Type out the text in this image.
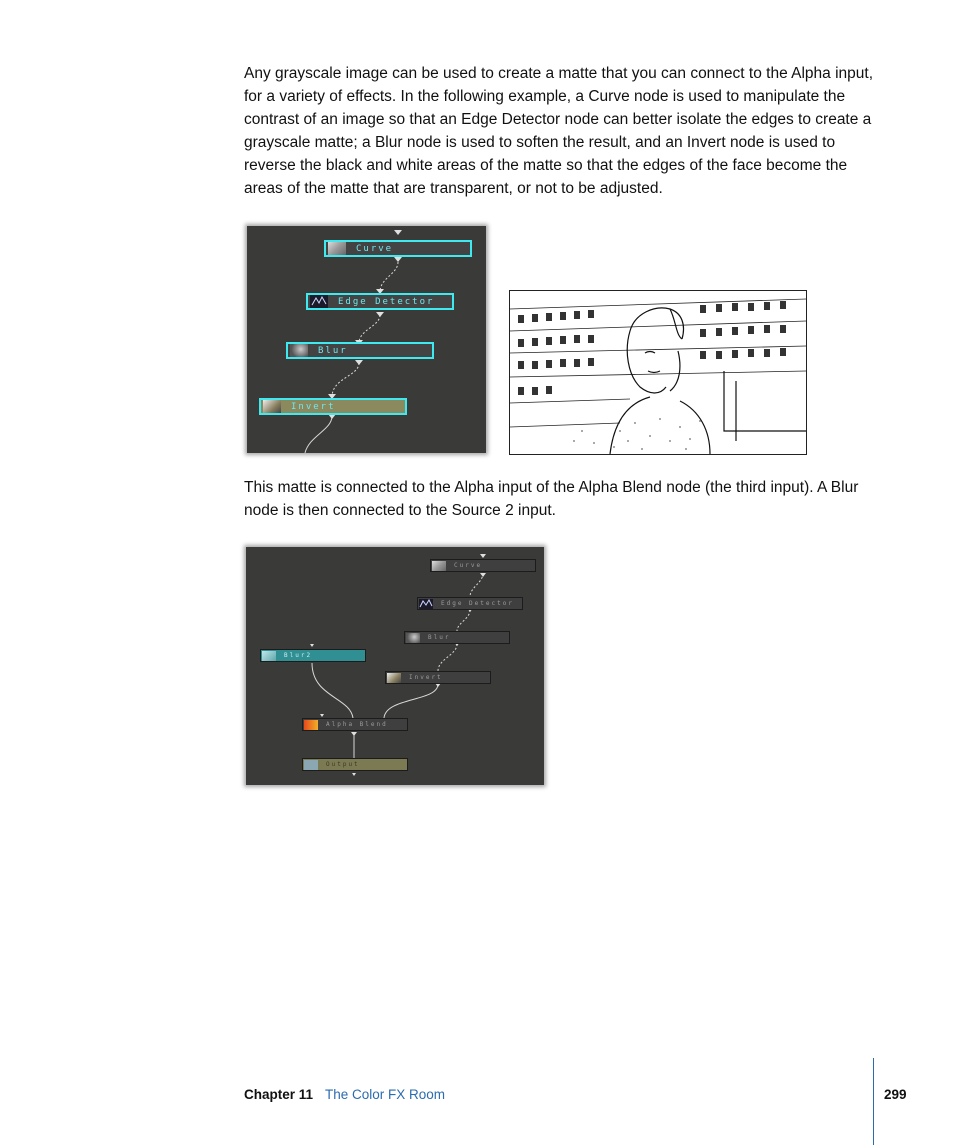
Any grayscale image can be used to create a matte that you can connect to the Alpha input, for a variety of effects. In the following example, a Curve node is used to manipulate the contrast of an image so that an Edge Detector node can better isolate the edges to create a grayscale matte; a Blur node is used to soften the result, and an Invert node is used to reverse the black and white areas of the matte so that the edges of the face become the areas of the matte that are transparent, or not to be adjusted.

Curve
Edge Detector
Blur
Invert

This matte is connected to the Alpha input of the Alpha Blend node (the third input). A Blur node is then connected to the Source 2 input.

Curve
Edge Detector
Blur
Blur2
Invert
Alpha Blend
Output
Chapter 11 The Color FX Room	299
